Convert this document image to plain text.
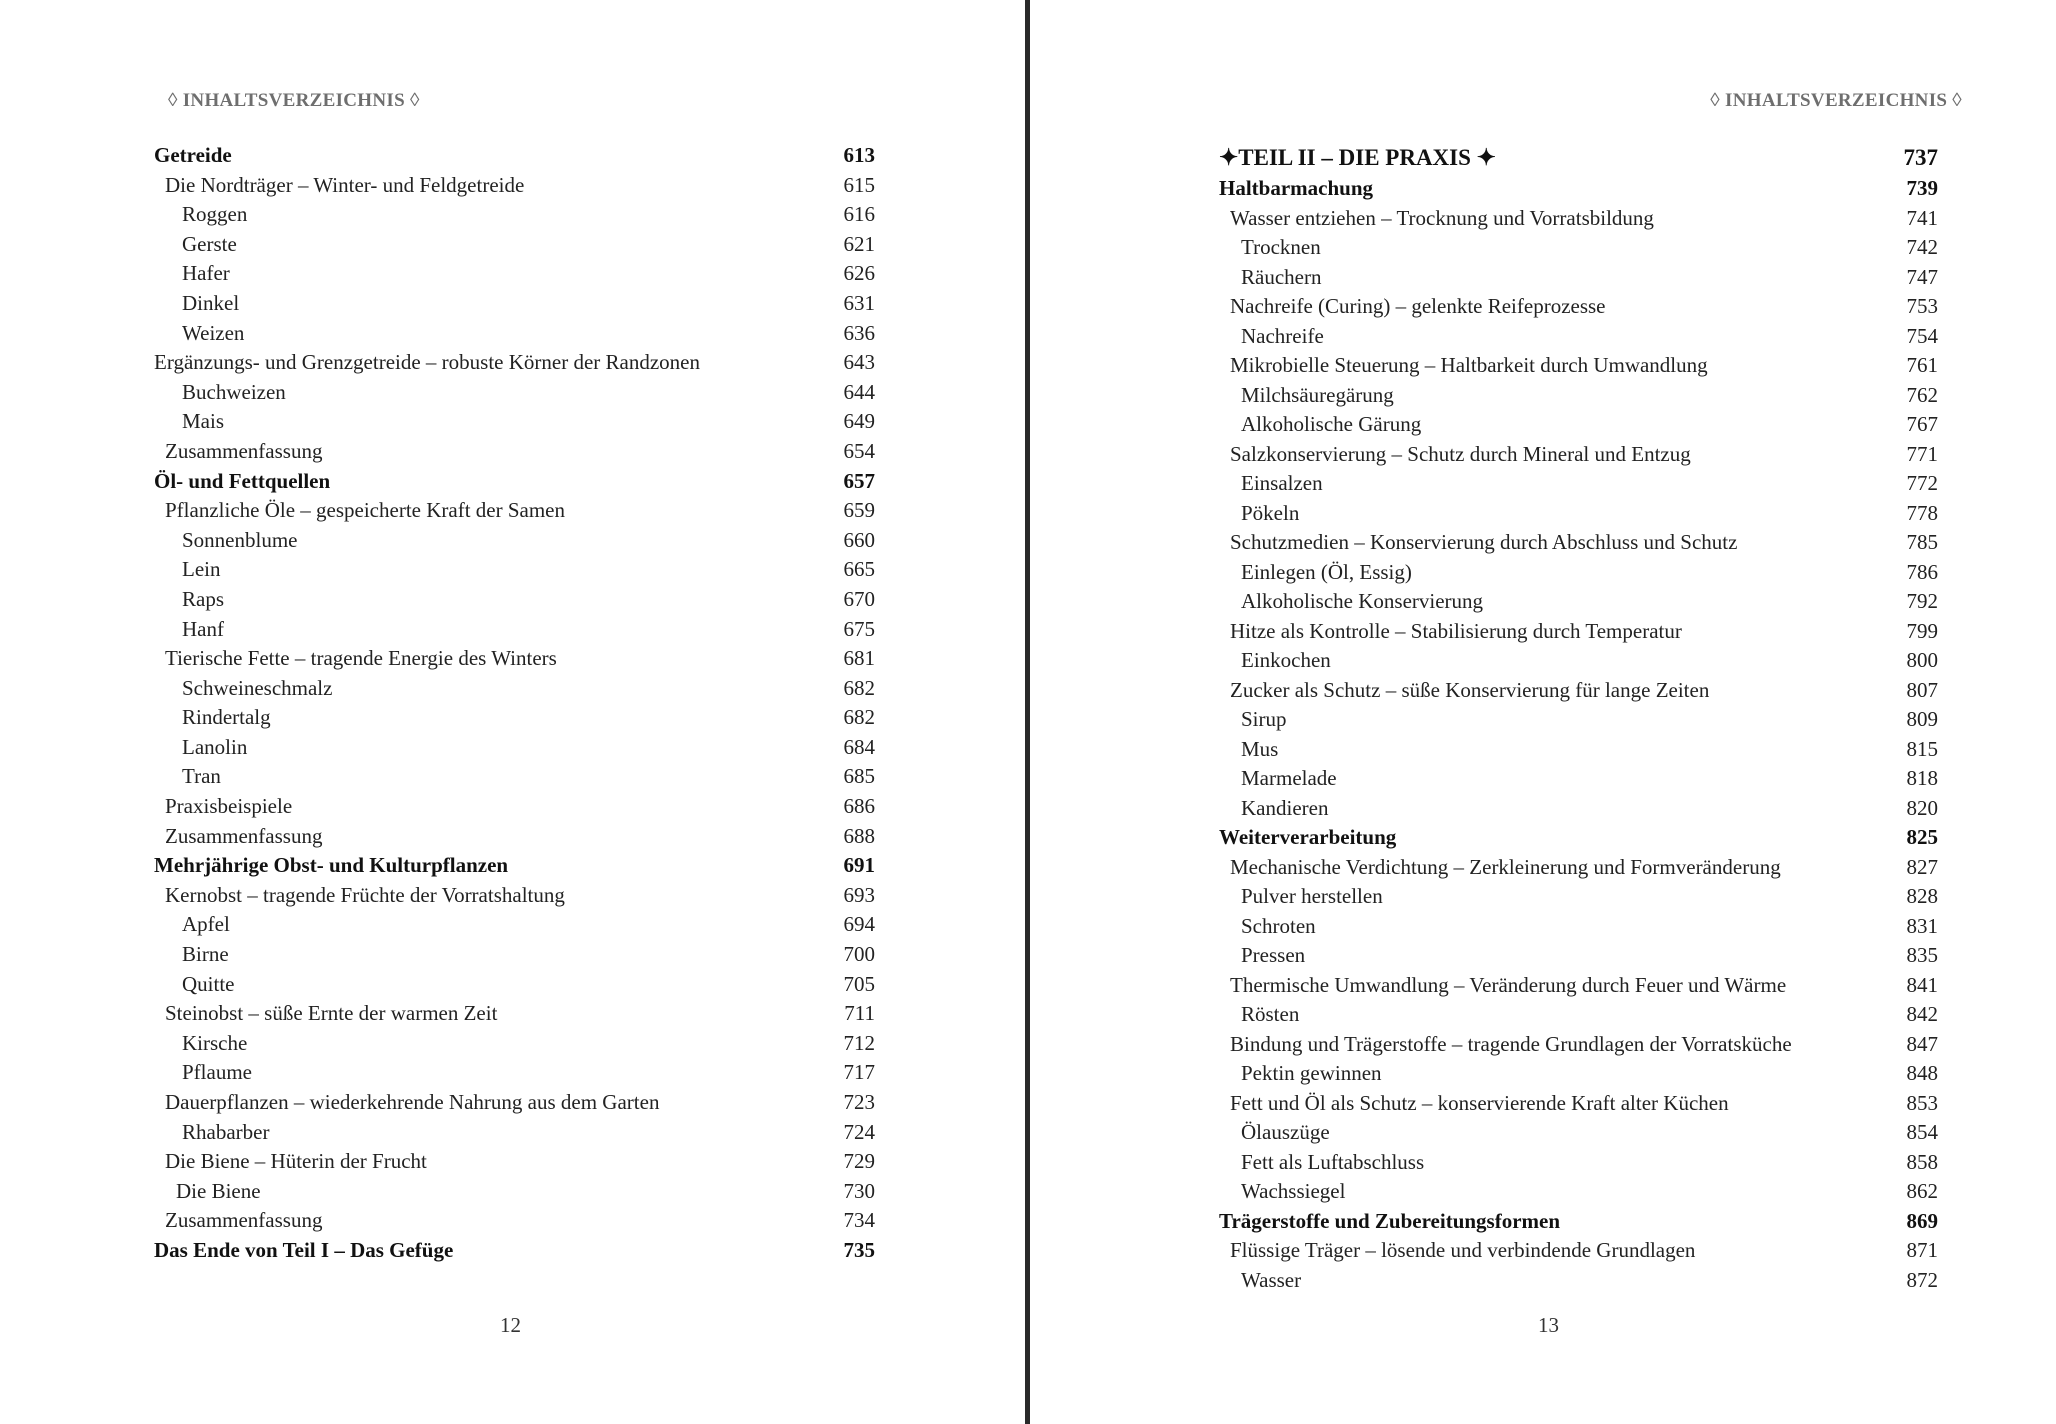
◊ INHALTSVERZEICHNIS ◊
Getreide	613
Die Nordträger – Winter- und Feldgetreide	615
Roggen	616
Gerste	621
Hafer	626
Dinkel	631
Weizen	636
Ergänzungs- und Grenzgetreide – robuste Körner der Randzonen	643
Buchweizen	644
Mais	649
Zusammenfassung	654
Öl- und Fettquellen	657
Pflanzliche Öle – gespeicherte Kraft der Samen	659
Sonnenblume	660
Lein	665
Raps	670
Hanf	675
Tierische Fette – tragende Energie des Winters	681
Schweineschmalz	682
Rindertalg	682
Lanolin	684
Tran	685
Praxisbeispiele	686
Zusammenfassung	688
Mehrjährige Obst- und Kulturpflanzen	691
Kernobst – tragende Früchte der Vorratshaltung	693
Apfel	694
Birne	700
Quitte	705
Steinobst – süße Ernte der warmen Zeit	711
Kirsche	712
Pflaume	717
Dauerpflanzen – wiederkehrende Nahrung aus dem Garten	723
Rhabarber	724
Die Biene – Hüterin der Frucht	729
Die Biene	730
Zusammenfassung	734
Das Ende von Teil I – Das Gefüge	735
12
◊ INHALTSVERZEICHNIS ◊
✦TEIL II – DIE PRAXIS ✦	737
Haltbarmachung	739
Wasser entziehen – Trocknung und Vorratsbildung	741
Trocknen	742
Räuchern	747
Nachreife (Curing) – gelenkte Reifeprozesse	753
Nachreife	754
Mikrobielle Steuerung – Haltbarkeit durch Umwandlung	761
Milchsäuregärung	762
Alkoholische Gärung	767
Salzkonservierung – Schutz durch Mineral und Entzug	771
Einsalzen	772
Pökeln	778
Schutzmedien – Konservierung durch Abschluss und Schutz	785
Einlegen (Öl, Essig)	786
Alkoholische Konservierung	792
Hitze als Kontrolle – Stabilisierung durch Temperatur	799
Einkochen	800
Zucker als Schutz – süße Konservierung für lange Zeiten	807
Sirup	809
Mus	815
Marmelade	818
Kandieren	820
Weiterverarbeitung	825
Mechanische Verdichtung – Zerkleinerung und Formveränderung	827
Pulver herstellen	828
Schroten	831
Pressen	835
Thermische Umwandlung – Veränderung durch Feuer und Wärme	841
Rösten	842
Bindung und Trägerstoffe – tragende Grundlagen der Vorratsküche	847
Pektin gewinnen	848
Fett und Öl als Schutz – konservierende Kraft alter Küchen	853
Ölauszüge	854
Fett als Luftabschluss	858
Wachssiegel	862
Trägerstoffe und Zubereitungsformen	869
Flüssige Träger – lösende und verbindende Grundlagen	871
Wasser	872
13
